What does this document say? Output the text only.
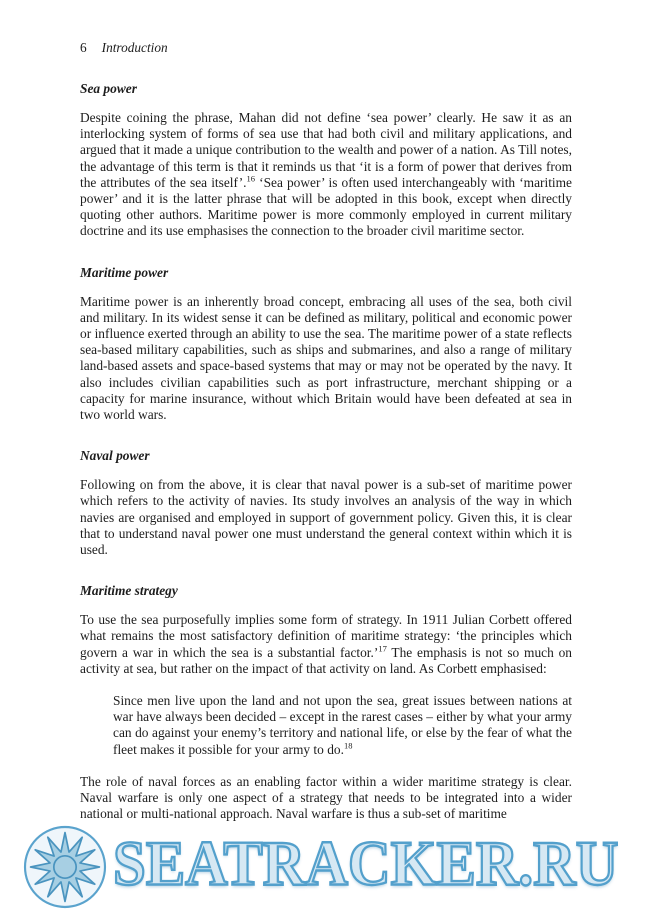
6 Introduction
Sea power

Despite coining the phrase, Mahan did not define ‘sea power’ clearly. He saw it as an interlocking system of forms of sea use that had both civil and military applications, and argued that it made a unique contribution to the wealth and power of a nation. As Till notes, the advantage of this term is that it reminds us that ‘it is a form of power that derives from the attributes of the sea itself’.$^{16}$ ‘Sea power’ is often used interchangeably with ‘maritime power’ and it is the latter phrase that will be adopted in this book, except when directly quoting other authors. Maritime power is more commonly employed in current military doctrine and its use emphasises the connection to the broader civil maritime sector.

Maritime power

Maritime power is an inherently broad concept, embracing all uses of the sea, both civil and military. In its widest sense it can be defined as military, political and economic power or influence exerted through an ability to use the sea. The maritime power of a state reflects sea-based military capabilities, such as ships and submarines, and also a range of military land-based assets and space-based systems that may or may not be operated by the navy. It also includes civilian capabilities such as port infrastructure, merchant shipping or a capacity for marine insurance, without which Britain would have been defeated at sea in two world wars.

Naval power

Following on from the above, it is clear that naval power is a sub-set of maritime power which refers to the activity of navies. Its study involves an analysis of the way in which navies are organised and employed in support of government policy. Given this, it is clear that to understand naval power one must understand the general context within which it is used.

Maritime strategy

To use the sea purposefully implies some form of strategy. In 1911 Julian Corbett offered what remains the most satisfactory definition of maritime strategy: ‘the principles which govern a war in which the sea is a substantial factor.’$^{17}$ The emphasis is not so much on activity at sea, but rather on the impact of that activity on land. As Corbett emphasised:

Since men live upon the land and not upon the sea, great issues between nations at war have always been decided – except in the rarest cases – either by what your army can do against your enemy’s territory and national life, or else by the fear of what the fleet makes it possible for your army to do.$^{18}$

The role of naval forces as an enabling factor within a wider maritime strategy is clear. Naval warfare is only one aspect of a strategy that needs to be integrated into a wider national or multi-national approach. Naval warfare is thus a sub-set of maritime

SEATRACKER.RU
